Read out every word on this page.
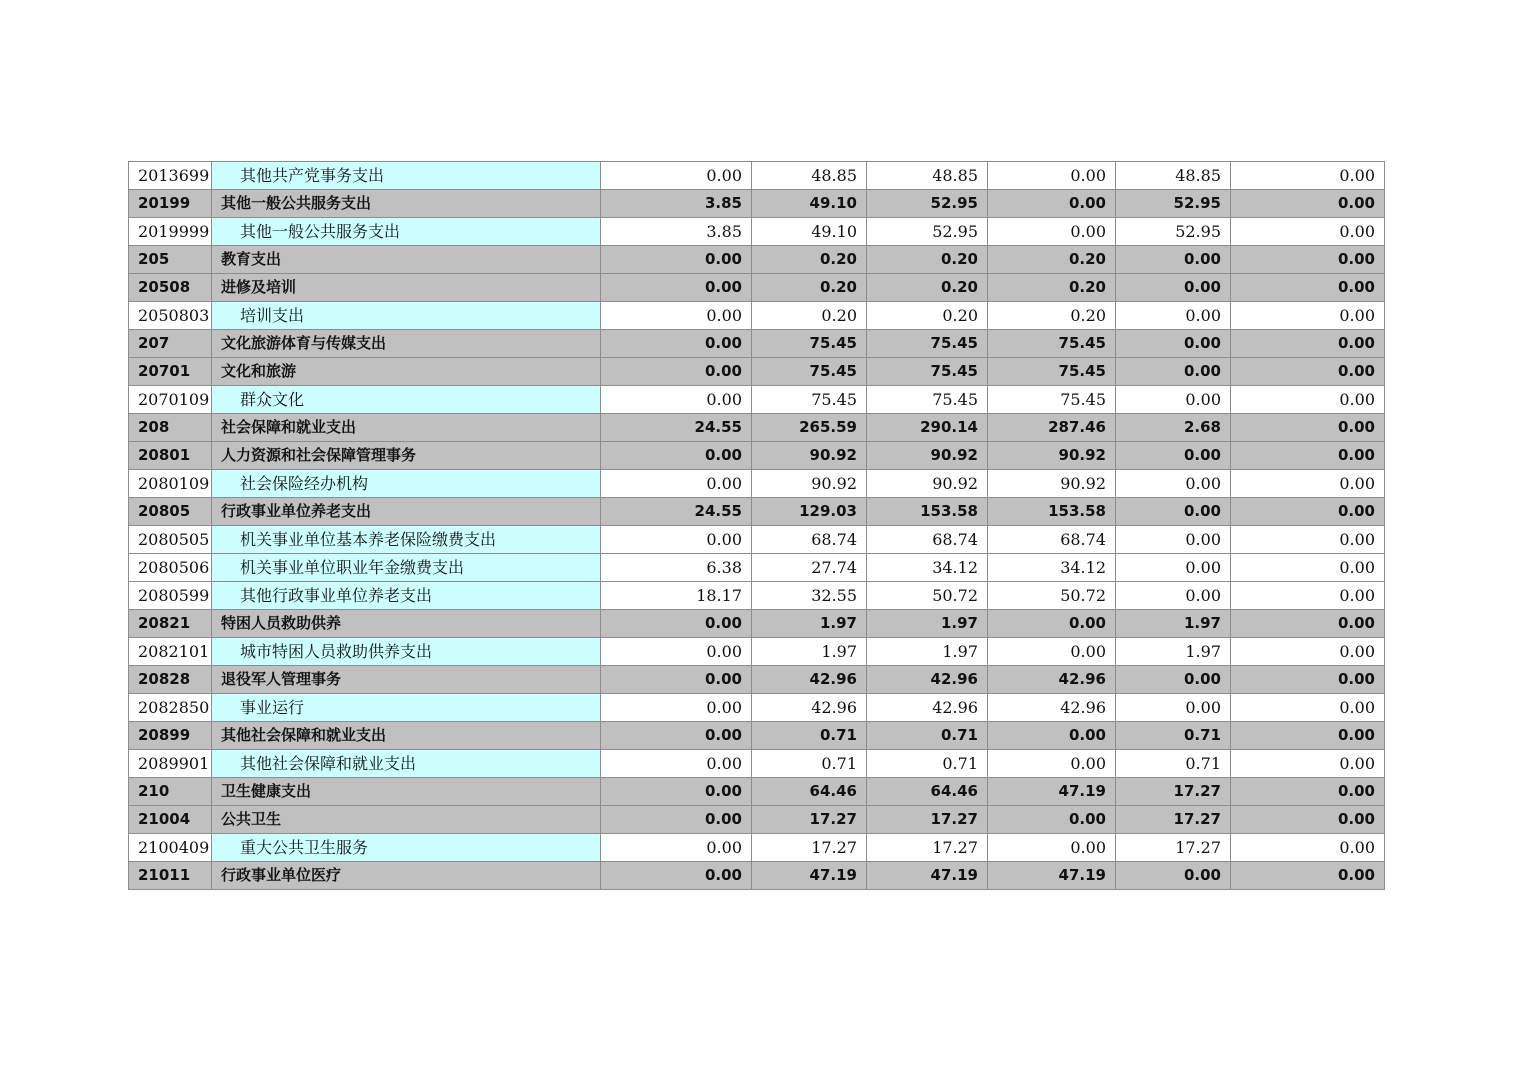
2013699	其他共产党事务支出	0.00	48.85	48.85	0.00	48.85	0.00
20199	其他一般公共服务支出	3.85	49.10	52.95	0.00	52.95	0.00
2019999	其他一般公共服务支出	3.85	49.10	52.95	0.00	52.95	0.00
205	教育支出	0.00	0.20	0.20	0.20	0.00	0.00
20508	进修及培训	0.00	0.20	0.20	0.20	0.00	0.00
2050803	培训支出	0.00	0.20	0.20	0.20	0.00	0.00
207	文化旅游体育与传媒支出	0.00	75.45	75.45	75.45	0.00	0.00
20701	文化和旅游	0.00	75.45	75.45	75.45	0.00	0.00
2070109	群众文化	0.00	75.45	75.45	75.45	0.00	0.00
208	社会保障和就业支出	24.55	265.59	290.14	287.46	2.68	0.00
20801	人力资源和社会保障管理事务	0.00	90.92	90.92	90.92	0.00	0.00
2080109	社会保险经办机构	0.00	90.92	90.92	90.92	0.00	0.00
20805	行政事业单位养老支出	24.55	129.03	153.58	153.58	0.00	0.00
2080505	机关事业单位基本养老保险缴费支出	0.00	68.74	68.74	68.74	0.00	0.00
2080506	机关事业单位职业年金缴费支出	6.38	27.74	34.12	34.12	0.00	0.00
2080599	其他行政事业单位养老支出	18.17	32.55	50.72	50.72	0.00	0.00
20821	特困人员救助供养	0.00	1.97	1.97	0.00	1.97	0.00
2082101	城市特困人员救助供养支出	0.00	1.97	1.97	0.00	1.97	0.00
20828	退役军人管理事务	0.00	42.96	42.96	42.96	0.00	0.00
2082850	事业运行	0.00	42.96	42.96	42.96	0.00	0.00
20899	其他社会保障和就业支出	0.00	0.71	0.71	0.00	0.71	0.00
2089901	其他社会保障和就业支出	0.00	0.71	0.71	0.00	0.71	0.00
210	卫生健康支出	0.00	64.46	64.46	47.19	17.27	0.00
21004	公共卫生	0.00	17.27	17.27	0.00	17.27	0.00
2100409	重大公共卫生服务	0.00	17.27	17.27	0.00	17.27	0.00
21011	行政事业单位医疗	0.00	47.19	47.19	47.19	0.00	0.00
